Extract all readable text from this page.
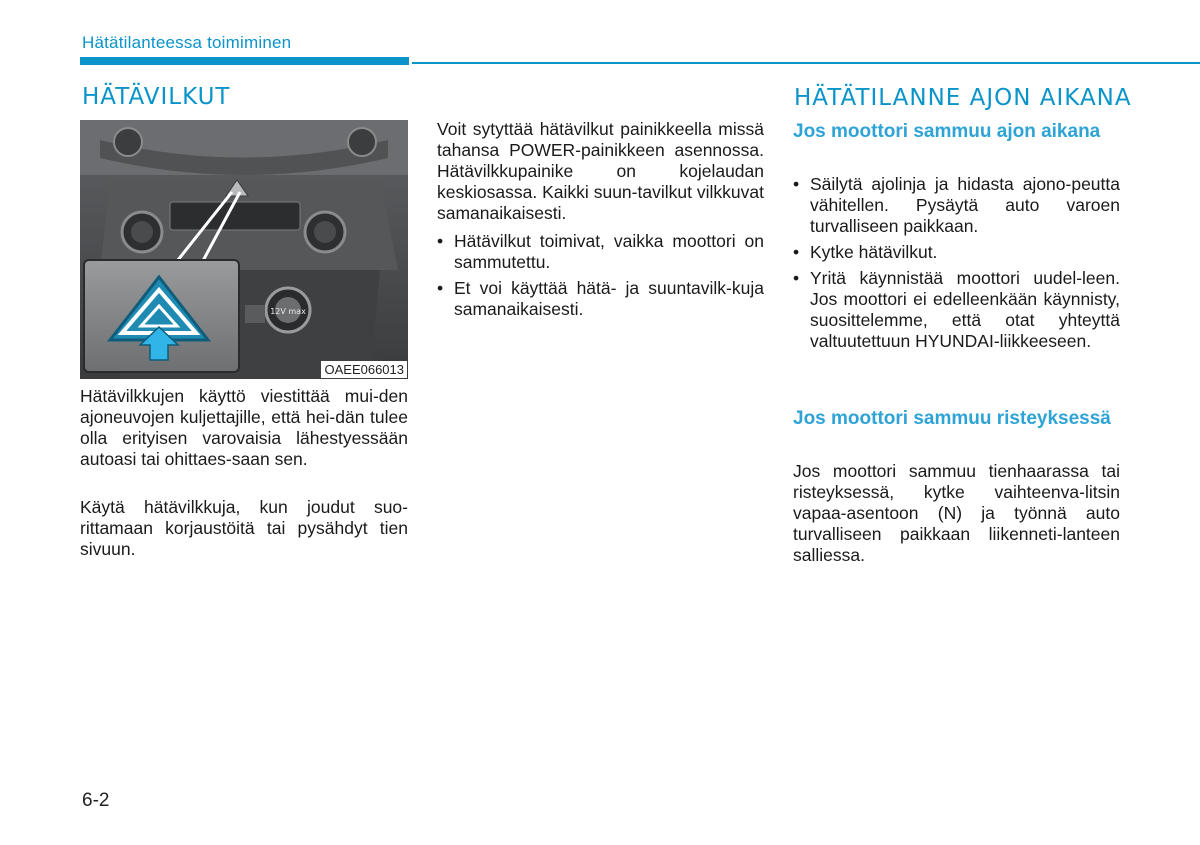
Hätätilanteessa toimiminen
HÄTÄVILKUT
12V max
OAEE066013

Hätävilkkujen käyttö viestittää mui-den ajoneuvojen kuljettajille, että hei-dän tulee olla erityisen varovaisia lähestyessään autoasi tai ohittaes-saan sen.

Käytä hätävilkkuja, kun joudut suo-rittamaan korjaustöitä tai pysähdyt tien sivuun.

Voit sytyttää hätävilkut painikkeella missä tahansa POWER-painikkeen asennossa. Hätävilkkupainike on kojelaudan keskiosassa. Kaikki suun-tavilkut vilkkuvat samanaikaisesti.

• Hätävilkut toimivat, vaikka moottori on sammutettu.
• Et voi käyttää hätä- ja suuntavilk-kuja samanaikaisesti.
HÄTÄTILANNE AJON AIKANA
Jos moottori sammuu ajon aikana
• Säilytä ajolinja ja hidasta ajono-peutta vähitellen. Pysäytä auto varoen turvalliseen paikkaan.
• Kytke hätävilkut.
• Yritä käynnistää moottori uudel-leen. Jos moottori ei edelleenkään käynnisty, suosittelemme, että otat yhteyttä valtuutettuun HYUNDAI-liikkeeseen.
Jos moottori sammuu risteyksessä

Jos moottori sammuu tienhaarassa tai risteyksessä, kytke vaihteenva-litsin vapaa-asentoon (N) ja työnnä auto turvalliseen paikkaan liikenneti-lanteen salliessa.

6-2
